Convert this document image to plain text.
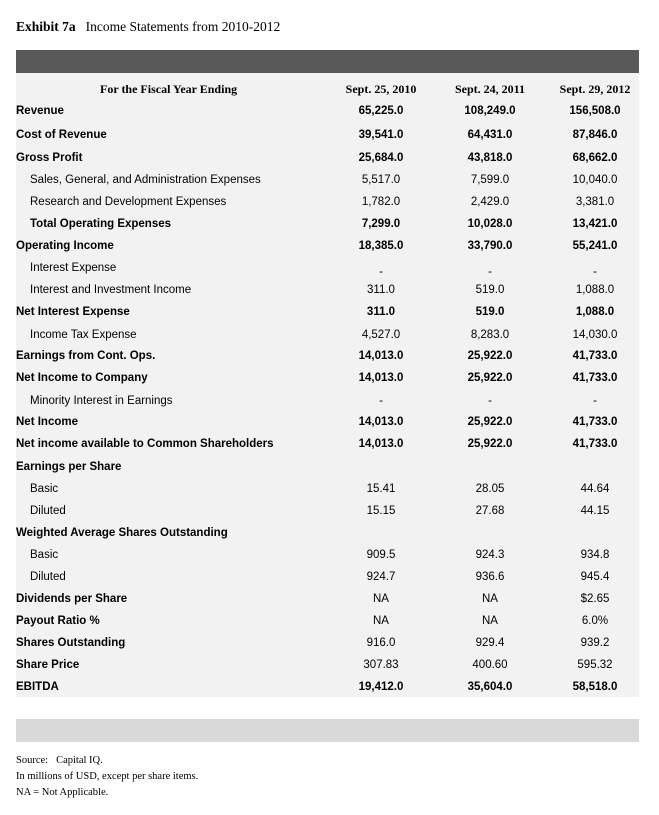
Exhibit 7a Income Statements from 2010-2012
For the Fiscal Year Ending	Sept. 25, 2010	Sept. 24, 2011	Sept. 29, 2012
Revenue	65,225.0	108,249.0	156,508.0
Cost of Revenue	39,541.0	64,431.0	87,846.0
Gross Profit	25,684.0	43,818.0	68,662.0
Sales, General, and Administration Expenses	5,517.0	7,599.0	10,040.0
Research and Development Expenses	1,782.0	2,429.0	3,381.0
Total Operating Expenses	7,299.0	10,028.0	13,421.0
Operating Income	18,385.0	33,790.0	55,241.0
Interest Expense	-	-	-
Interest and Investment Income	311.0	519.0	1,088.0
Net Interest Expense	311.0	519.0	1,088.0
Income Tax Expense	4,527.0	8,283.0	14,030.0
Earnings from Cont. Ops.	14,013.0	25,922.0	41,733.0
Net Income to Company	14,013.0	25,922.0	41,733.0
Minority Interest in Earnings	-	-	-
Net Income	14,013.0	25,922.0	41,733.0
Net income available to Common Shareholders	14,013.0	25,922.0	41,733.0
Earnings per Share
Basic	15.41	28.05	44.64
Diluted	15.15	27.68	44.15
Weighted Average Shares Outstanding
Basic	909.5	924.3	934.8
Diluted	924.7	936.6	945.4
Dividends per Share	NA	NA	$2.65
Payout Ratio %	NA	NA	6.0%
Shares Outstanding	916.0	929.4	939.2
Share Price	307.83	400.60	595.32
EBITDA	19,412.0	35,604.0	58,518.0
Source: Capital IQ.
In millions of USD, except per share items.
NA = Not Applicable.
